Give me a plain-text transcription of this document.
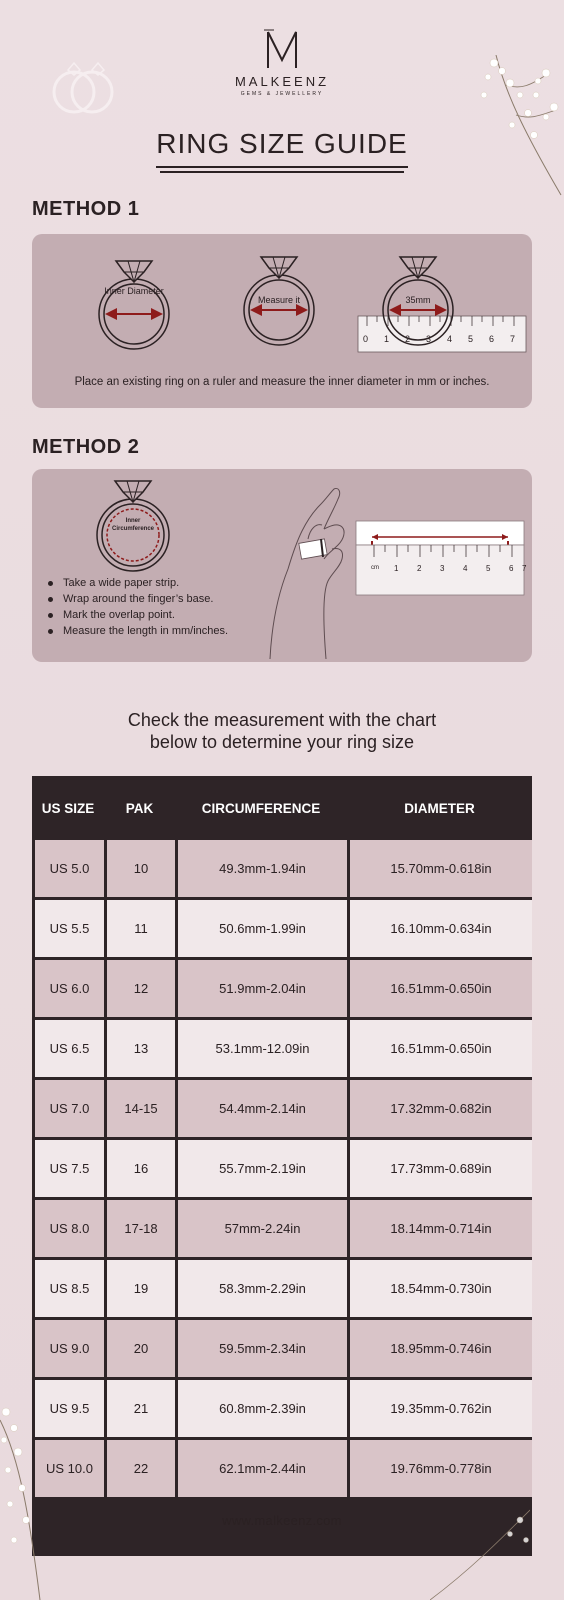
MALKEENZ
GEMS & JEWELLERY
RING SIZE GUIDE
METHOD 1
Inner Diameter
Measure it	35mm
0 1 2 3 4 5 6 7
Place an existing ring on a ruler and measure the inner diameter in mm or inches.
METHOD 2
Inner Circumference
cm 1 2 3 4 5 6 7
Take a wide paper strip.
Wrap around the finger’s base.
Mark the overlap point.
Measure the length in mm/inches.
Check the measurement with the chart
below to determine your ring size
US SIZE	PAK	CIRCUMFERENCE	DIAMETER
US 5.0	10	49.3mm-1.94in	15.70mm-0.618in
US 5.5	11	50.6mm-1.99in	16.10mm-0.634in
US 6.0	12	51.9mm-2.04in	16.51mm-0.650in
US 6.5	13	53.1mm-12.09in	16.51mm-0.650in
US 7.0	14-15	54.4mm-2.14in	17.32mm-0.682in
US 7.5	16	55.7mm-2.19in	17.73mm-0.689in
US 8.0	17-18	57mm-2.24in	18.14mm-0.714in
US 8.5	19	58.3mm-2.29in	18.54mm-0.730in
US 9.0	20	59.5mm-2.34in	18.95mm-0.746in
US 9.5	21	60.8mm-2.39in	19.35mm-0.762in
US 10.0	22	62.1mm-2.44in	19.76mm-0.778in
www.malkeenz.com
